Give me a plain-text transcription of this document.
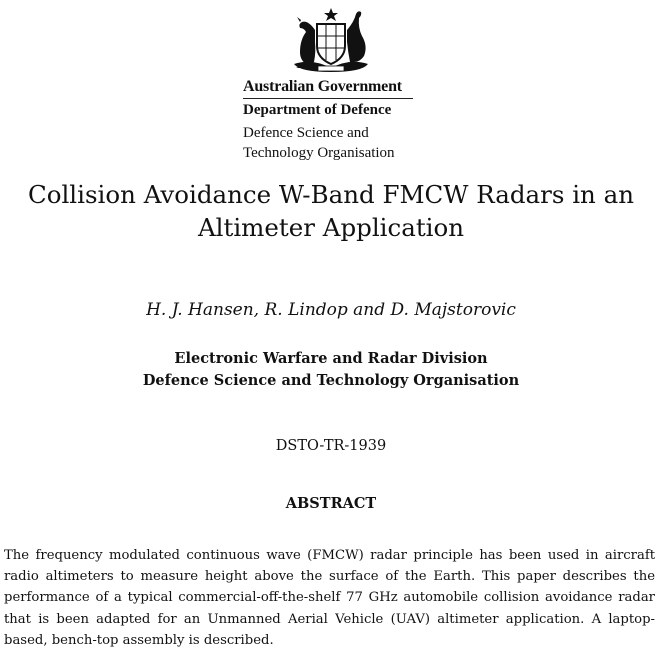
Australian Government
Department of Defence
Defence Science and
Technology Organisation
Collision Avoidance W-Band FMCW Radars in an
Altimeter Application
H. J. Hansen, R. Lindop and D. Majstorovic
Electronic Warfare and Radar Division
Defence Science and Technology Organisation
DSTO-TR-1939
ABSTRACT

The frequency modulated continuous wave (FMCW) radar principle has been used in aircraft radio altimeters to measure height above the surface of the Earth. This paper describes the performance of a typical commercial-off-the-shelf 77 GHz automobile collision avoidance radar that is been adapted for an Unmanned Aerial Vehicle (UAV) altimeter application. A laptop-based, bench-top assembly is described.
